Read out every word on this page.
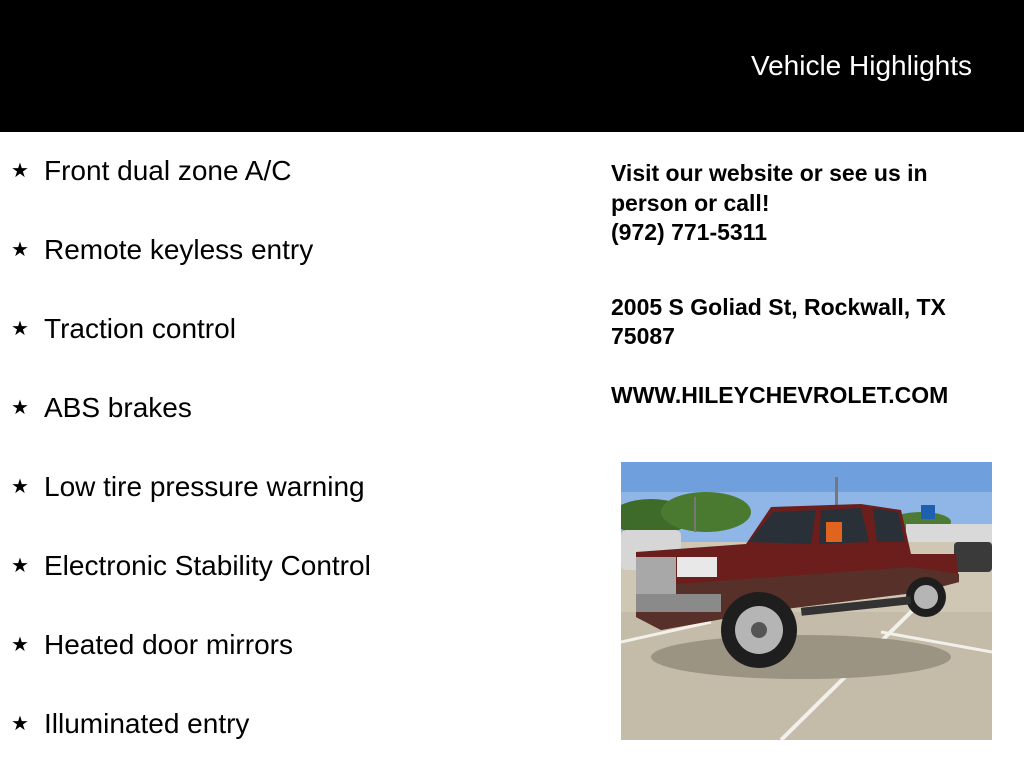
Vehicle Highlights
★ Front dual zone A/C
★ Remote keyless entry
★ Traction control
★ ABS brakes
★ Low tire pressure warning
★ Electronic Stability Control
★ Heated door mirrors
★ Illuminated entry
Visit our website or see us in person or call!
(972) 771-5311
2005 S Goliad St, Rockwall, TX 75087
WWW.HILEYCHEVROLET.COM
